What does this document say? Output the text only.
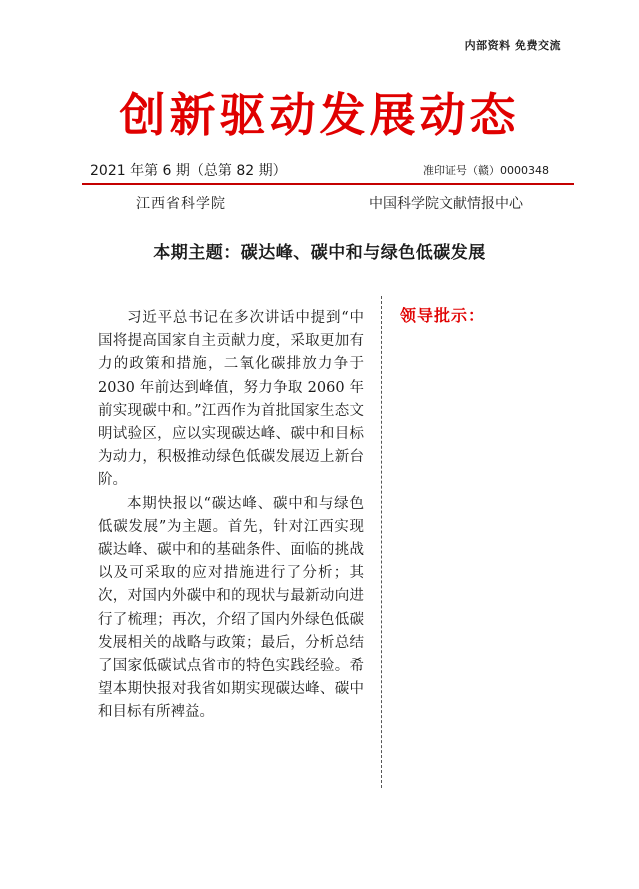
内部资料 免费交流
创新驱动发展动态
2021 年第 6 期（总第 82 期）	准印证号（赣）0000348
江西省科学院	中国科学院文献情报中心
本期主题：碳达峰、碳中和与绿色低碳发展

习近平总书记在多次讲话中提到“中国将提高国家自主贡献力度，采取更加有力的政策和措施，二氧化碳排放力争于 2030 年前达到峰值，努力争取 2060 年前实现碳中和。”江西作为首批国家生态文明试验区，应以实现碳达峰、碳中和目标为动力，积极推动绿色低碳发展迈上新台阶。

本期快报以“碳达峰、碳中和与绿色低碳发展”为主题。首先，针对江西实现碳达峰、碳中和的基础条件、面临的挑战以及可采取的应对措施进行了分析；其次，对国内外碳中和的现状与最新动向进行了梳理；再次，介绍了国内外绿色低碳发展相关的战略与政策；最后，分析总结了国家低碳试点省市的特色实践经验。希望本期快报对我省如期实现碳达峰、碳中和目标有所裨益。

领导批示：
